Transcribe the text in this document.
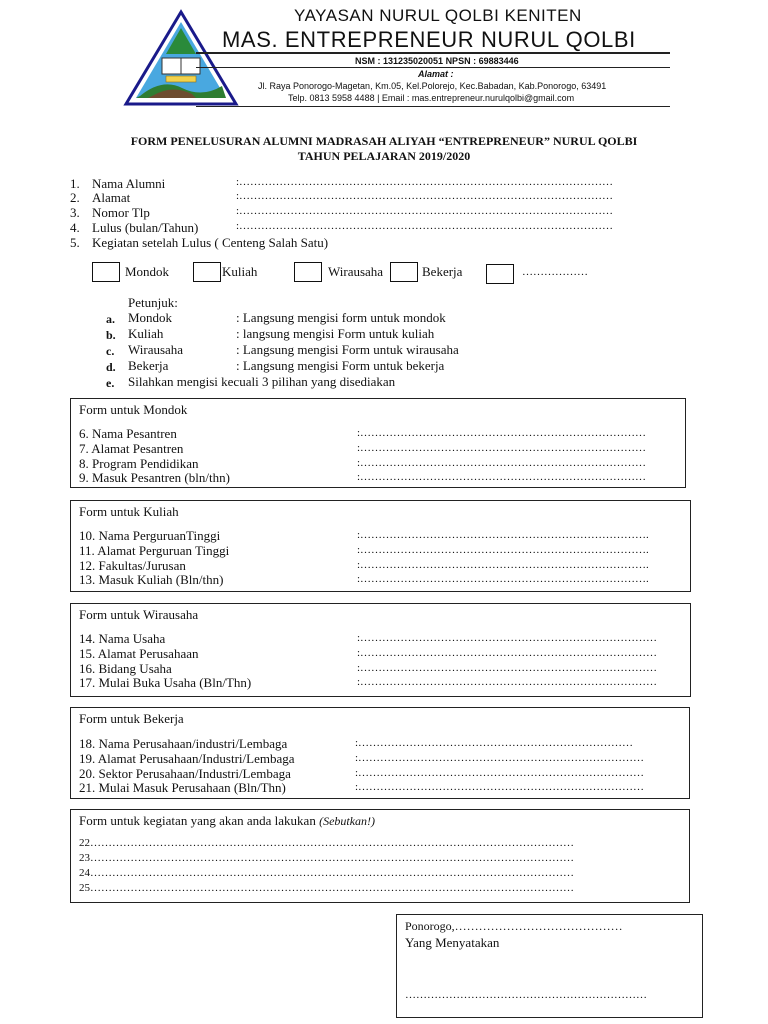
YAYASAN NURUL QOLBI KENITEN
MAS. ENTREPRENEUR NURUL QOLBI
NSM : 131235020051 NPSN : 69883446
Alamat :
Jl. Raya Ponorogo-Magetan, Km.05, Kel.Polorejo, Kec.Babadan, Kab.Ponorogo, 63491
Telp. 0813 5958 4488 | Email : mas.entrepreneur.nurulqolbi@gmail.com
FORM PENELUSURAN ALUMNI MADRASAH ALIYAH “ENTREPRENEUR” NURUL QOLBI
TAHUN PELAJARAN 2019/2020
1. Nama Alumni	:…………………………………………………………………………………………
2. Alamat	:…………………………………………………………………………………………
3. Nomor Tlp	:…………………………………………………………………………………………
4. Lulus (bulan/Tahun)	:…………………………………………………………………………………………
5. Kegiatan setelah Lulus ( Centeng Salah Satu)
Mondok	Kuliah	Wirausaha	Bekerja	………………
Petunjuk:
a. Mondok	: Langsung mengisi form untuk mondok
b. Kuliah	: langsung mengisi Form untuk kuliah
c. Wirausaha	: Langsung mengisi Form untuk wirausaha
d. Bekerja	: Langsung mengisi Form untuk bekerja
e. Silahkan mengisi kecuali 3 pilihan yang disediakan
Form untuk Mondok
6. Nama Pesantren	:……………………………………………………………………
7. Alamat Pesantren	:……………………………………………………………………
8. Program Pendidikan	:……………………………………………………………………
9. Masuk Pesantren (bln/thn)	:……………………………………………………………………
Form untuk Kuliah
10. Nama PerguruanTinggi	:…………………………………………………………………….
11. Alamat Perguruan Tinggi	:…………………………………………………………………….
12. Fakultas/Jurusan	:…………………………………………………………………….
13. Masuk Kuliah (Bln/thn)	:…………………………………………………………………….
Form untuk Wirausaha
14. Nama Usaha	:………………………………………………………………………
15. Alamat Perusahaan	:………………………………………………………………………
16. Bidang Usaha	:………………………………………………………………………
17. Mulai Buka Usaha (Bln/Thn)	:………………………………………………………………………
Form untuk Bekerja
18. Nama Perusahaan/industri/Lembaga	:…………………………………………………………………
19. Alamat Perusahaan/Industri/Lembaga	:……………………………………………………………………
20. Sektor Perusahaan/Industri/Lembaga	:……………………………………………………………………
21. Mulai Masuk Perusahaan (Bln/Thn)	:……………………………………………………………………
Form untuk kegiatan yang akan anda lakukan (Sebutkan!)
22……………………………………………………………………………………………………………………
23……………………………………………………………………………………………………………………
24……………………………………………………………………………………………………………………
25……………………………………………………………………………………………………………………
Ponorogo,……………………………………
Yang Menyatakan
…………………………………………………………
